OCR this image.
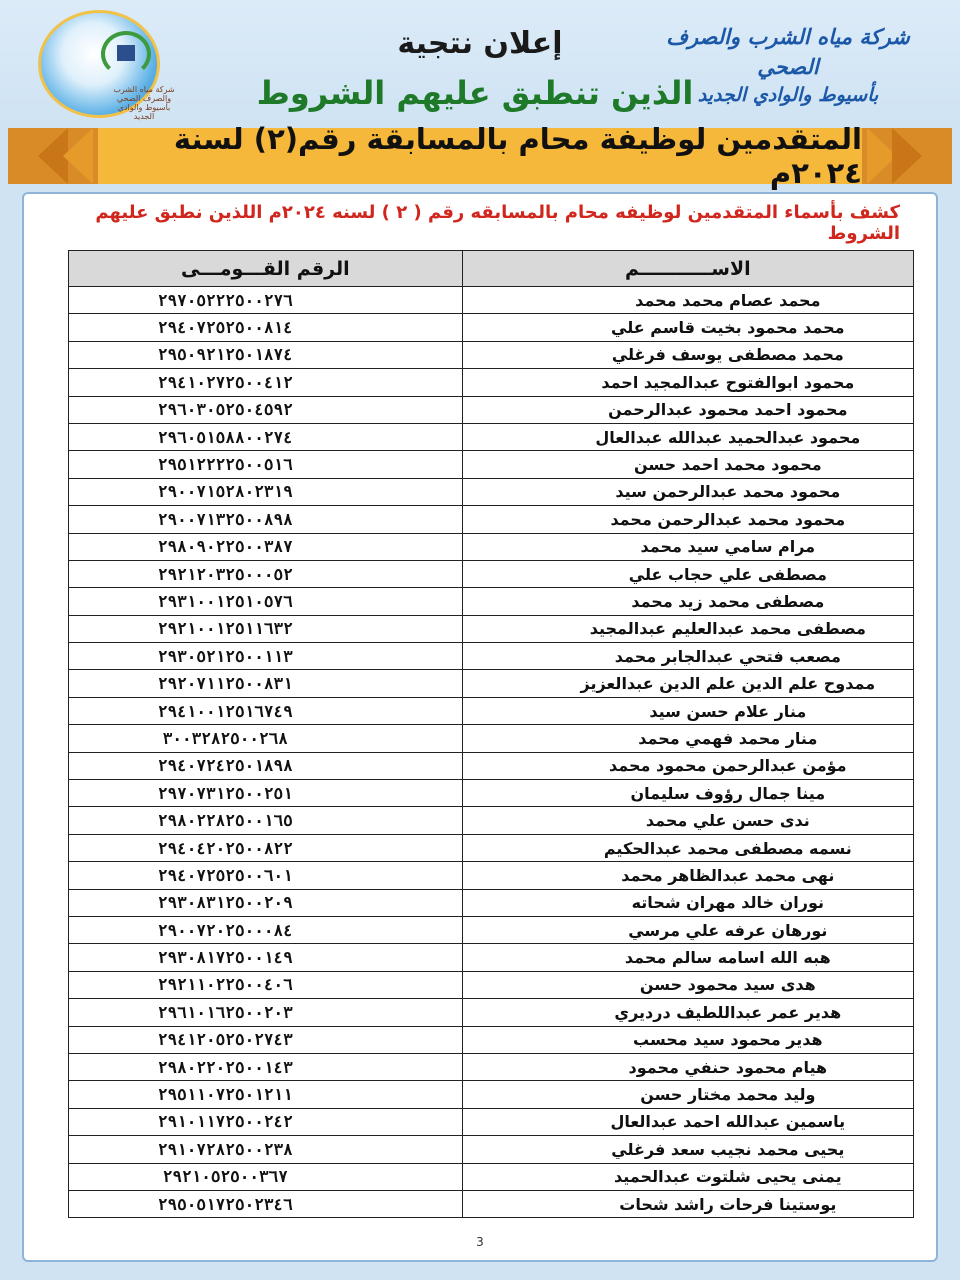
شركة مياه الشرب والصرف الصحي بأسيوط والوادي الجديد
إعلان نتجية
الذين تنطبق عليهم الشروط
شركة مياه الشرب والصرف الصحي
بأسيوط والوادي الجديد
المتقدمين لوظيفة محام بالمسابقة رقم(٢) لسنة ٢٠٢٤م
كشف بأسماء المتقدمين لوظيفه محام بالمسابقه رقم ( ٢ ) لسنه ٢٠٢٤م اللذين نطبق عليهم الشروط
الاســـــــــــم	الرقم القـــومـــى
محمد عصام محمد محمد	٢٩٧٠٥٢٢٢٥٠٠٢٧٦
محمد محمود بخيت قاسم علي	٢٩٤٠٧٢٥٢٥٠٠٨١٤
محمد مصطفى يوسف فرغلي	٢٩٥٠٩٢١٢٥٠١٨٧٤
محمود ابوالفتوح عبدالمجيد احمد	٢٩٤١٠٢٧٢٥٠٠٤١٢
محمود احمد محمود عبدالرحمن	٢٩٦٠٣٠٥٢٥٠٤٥٩٢
محمود عبدالحميد عبدالله عبدالعال	٢٩٦٠٥١٥٨٨٠٠٢٧٤
محمود محمد احمد حسن	٢٩٥١٢٢٢٢٥٠٠٥١٦
محمود محمد عبدالرحمن سيد	٢٩٠٠٧١٥٢٨٠٢٣١٩
محمود محمد عبدالرحمن محمد	٢٩٠٠٧١٣٢٥٠٠٨٩٨
مرام سامي سيد محمد	٢٩٨٠٩٠٢٢٥٠٠٣٨٧
مصطفى علي حجاب علي	٢٩٢١٢٠٣٢٥٠٠٠٥٢
مصطفى محمد زيد محمد	٢٩٣١٠٠١٢٥١٠٥٧٦
مصطفى محمد عبدالعليم عبدالمجيد	٢٩٢١٠٠١٢٥١١٦٣٢
مصعب فتحي عبدالجابر محمد	٢٩٣٠٥٢١٢٥٠٠١١٣
ممدوح علم الدين علم الدين عبدالعزيز	٢٩٢٠٧١١٢٥٠٠٨٣١
منار علام حسن سيد	٢٩٤١٠٠١٢٥١٦٧٤٩
منار محمد فهمي محمد	٣٠٠٣٢٨٢٥٠٠٢٦٨
مؤمن عبدالرحمن محمود محمد	٢٩٤٠٧٢٤٢٥٠١٨٩٨
مينا جمال رؤوف سليمان	٢٩٧٠٧٣١٢٥٠٠٢٥١
ندى حسن علي محمد	٢٩٨٠٢٢٨٢٥٠٠١٦٥
نسمه مصطفى محمد عبدالحكيم	٢٩٤٠٤٢٠٢٥٠٠٨٢٢
نهى محمد عبدالظاهر محمد	٢٩٤٠٧٢٥٢٥٠٠٦٠١
نوران خالد مهران شحاته	٢٩٣٠٨٣١٢٥٠٠٢٠٩
نورهان عرفه علي مرسي	٢٩٠٠٧٢٠٢٥٠٠٠٨٤
هبه الله اسامه سالم محمد	٢٩٣٠٨١٧٢٥٠٠١٤٩
هدى سيد محمود حسن	٢٩٢١١٠٢٢٥٠٠٤٠٦
هدير عمر عبداللطيف درديري	٢٩٦١٠١٦٢٥٠٠٢٠٣
هدير محمود سيد محسب	٢٩٤١٢٠٥٢٥٠٢٧٤٣
هيام محمود حنفي محمود	٢٩٨٠٢٢٠٢٥٠٠١٤٣
وليد محمد مختار حسن	٢٩٥١١٠٧٢٥٠١٢١١
ياسمين عبدالله احمد عبدالعال	٢٩١٠١١٧٢٥٠٠٢٤٢
يحيى محمد نجيب سعد فرغلي	٢٩١٠٧٢٨٢٥٠٠٢٣٨
يمنى يحيى شلتوت عبدالحميد	٢٩٢١٠٥٢٥٠٠٣٦٧
يوستينا فرحات راشد شحات	٢٩٥٠٥١٧٢٥٠٢٣٤٦
3
